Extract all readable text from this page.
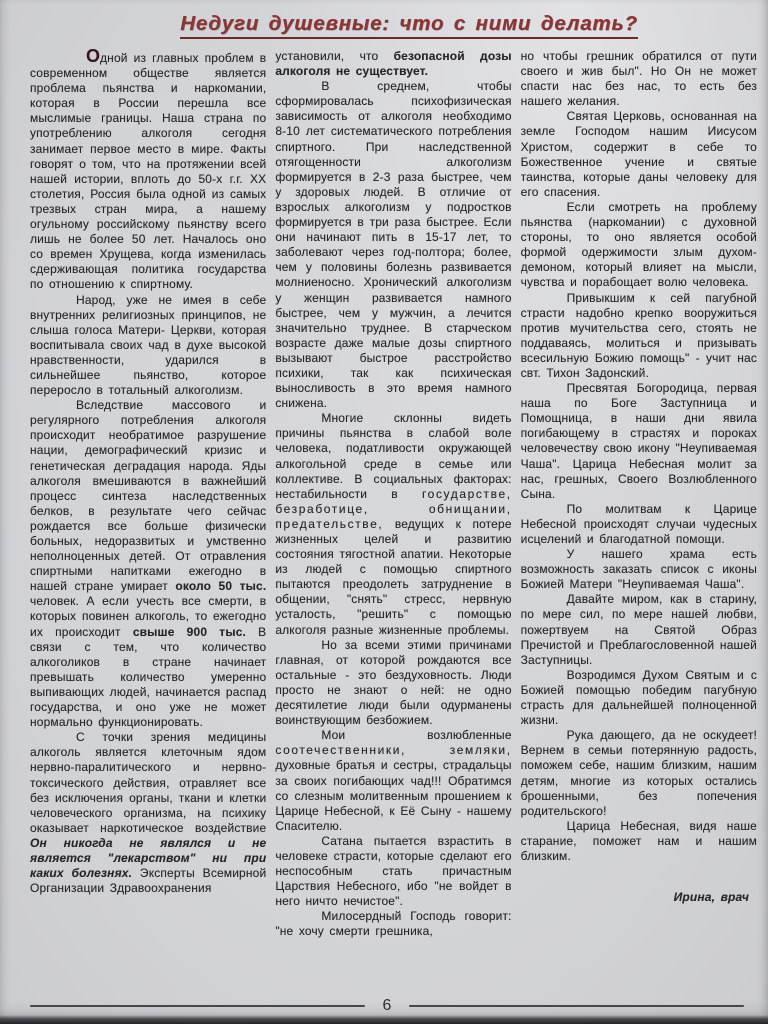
Недуги душевные: что с ними делать?

Одной из главных проблем в современном обществе является проблема пьянства и наркомании, которая в России перешла все мыслимые границы. Наша страна по употреблению алкоголя сегодня занимает первое место в мире. Факты говорят о том, что на протяжении всей нашей истории, вплоть до 50-х г.г. XX столетия, Россия была одной из самых трезвых стран мира, а нашему огульному российскому пьянству всего лишь не более 50 лет. Началось оно со времен Хрущева, когда изменилась сдерживающая политика государства по отношению к спиртному.

Народ, уже не имея в себе внутренних религиозных принципов, не слыша голоса Матери- Церкви, которая воспитывала своих чад в духе высокой нравственности, ударился в сильнейшее пьянство, которое переросло в тотальный алкоголизм.

Вследствие массового и регулярного потребления алкоголя происходит необратимое разрушение нации, демографический кризис и генетическая деградация народа. Яды алкоголя вмешиваются в важнейший процесс синтеза наследственных белков, в результате чего сейчас рождается все больше физически больных, недоразвитых и умственно неполноценных детей. От отравления спиртными напитками ежегодно в нашей стране умирает около 50 тыс. человек. А если учесть все смерти, в которых повинен алкоголь, то ежегодно их происходит свыше 900 тыс. В связи с тем, что количество алкоголиков в стране начинает превышать количество умеренно выпивающих людей, начинается распад государства, и оно уже не может нормально функционировать.

С точки зрения медицины алкоголь является клеточным ядом нервно-паралитического и нервно-токсического действия, отравляет все без исключения органы, ткани и клетки человеческого организма, на психику оказывает наркотическое воздействие Он никогда не являлся и не является "лекарством" ни при каких болезнях. Эксперты Всемирной Организации Здравоохранения

установили, что безопасной дозы алкоголя не существует.

В среднем, чтобы сформировалась психофизическая зависимость от алкоголя необходимо 8-10 лет систематического потребления спиртного. При наследственной отягощенности алкоголизм формируется в 2-3 раза быстрее, чем у здоровых людей. В отличие от взрослых алкоголизм у подростков формируется в три раза быстрее. Если они начинают пить в 15-17 лет, то заболевают через год-полтора; более, чем у половины болезнь развивается молниеносно. Хронический алкоголизм у женщин развивается намного быстрее, чем у мужчин, а лечится значительно труднее. В старческом возрасте даже малые дозы спиртного вызывают быстрое расстройство психики, так как психическая выносливость в это время намного снижена.

Многие склонны видеть причины пьянства в слабой воле человека, податливости окружающей алкогольной среде в семье или коллективе. В социальных факторах: нестабильности в государстве, безработице, обнищании, предательстве, ведущих к потере жизненных целей и развитию состояния тягостной апатии. Некоторые из людей с помощью спиртного пытаются преодолеть затруднение в общении, "снять" стресс, нервную усталость, "решить" с помощью алкоголя разные жизненные проблемы.

Но за всеми этими причинами главная, от которой рождаются все остальные - это бездуховность. Люди просто не знают о ней: не одно десятилетие люди были одурманены воинствующим безбожием.

Мои возлюбленные соотечественники, земляки, духовные братья и сестры, страдальцы за своих погибающих чад!!! Обратимся со слезным молитвенным прошением к Царице Небесной, к Её Сыну - нашему Спасителю.

Сатана пытается взрастить в человеке страсти, которые сделают его неспособным стать причастным Царствия Небесного, ибо "не войдет в него ничто нечистое".

Милосердный Господь говорит: "не хочу смерти грешника,

но чтобы грешник обратился от пути своего и жив был". Но Он не может спасти нас без нас, то есть без нашего желания.

Святая Церковь, основанная на земле Господом нашим Иисусом Христом, содержит в себе то Божественное учение и святые таинства, которые даны человеку для его спасения.

Если смотреть на проблему пьянства (наркомании) с духовной стороны, то оно является особой формой одержимости злым духом-демоном, который влияет на мысли, чувства и порабощает волю человека.

Привыкшим к сей пагубной страсти надобно крепко вооружиться против мучительства сего, стоять не поддаваясь, молиться и призывать всесильную Божию помощь" - учит нас свт. Тихон Задонский.

Пресвятая Богородица, первая наша по Боге Заступница и Помощница, в наши дни явила погибающему в страстях и пороках человечеству свою икону "Неупиваемая Чаша". Царица Небесная молит за нас, грешных, Своего Возлюбленного Сына.

По молитвам к Царице Небесной происходят случаи чудесных исцелений и благодатной помощи.

У нашего храма есть возможность заказать список с иконы Божией Матери "Неупиваемая Чаша".

Давайте миром, как в старину, по мере сил, по мере нашей любви, пожертвуем на Святой Образ Пречистой и Преблагословенной нашей Заступницы.

Возродимся Духом Святым и с Божией помощью победим пагубную страсть для дальнейшей полноценной жизни.

Рука дающего, да не оскудеет! Вернем в семьи потерянную радость, поможем себе, нашим близким, нашим детям, многие из которых остались брошенными, без попечения родительского!

Царица Небесная, видя наше старание, поможет нам и нашим близким.

Ирина, врач

6
